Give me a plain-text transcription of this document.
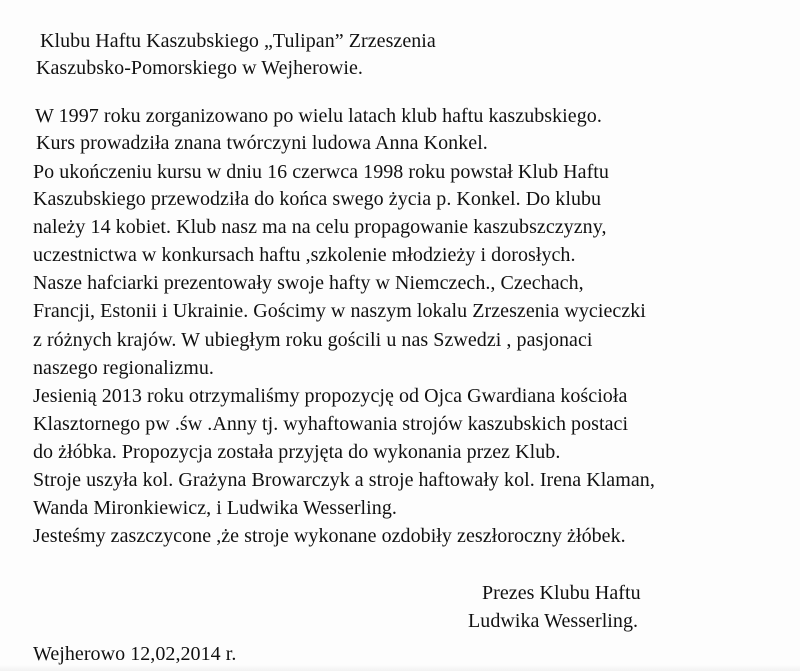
Klubu Haftu Kaszubskiego „Tulipan” Zrzeszenia
Kaszubsko-Pomorskiego w Wejherowie.
W 1997 roku zorganizowano po wielu latach klub haftu kaszubskiego.
Kurs prowadziła znana twórczyni ludowa Anna Konkel.
Po ukończeniu kursu w dniu 16 czerwca 1998 roku powstał Klub Haftu
Kaszubskiego przewodziła do końca swego życia p. Konkel. Do klubu
należy 14 kobiet. Klub nasz ma na celu propagowanie kaszubszczyzny,
uczestnictwa w konkursach haftu ,szkolenie młodzieży i dorosłych.
Nasze hafciarki prezentowały swoje hafty w Niemczech., Czechach,
Francji, Estonii i Ukrainie. Gościmy w naszym lokalu Zrzeszenia wycieczki
z różnych krajów. W ubiegłym roku gościli u nas Szwedzi , pasjonaci
naszego regionalizmu.
Jesienią 2013 roku otrzymaliśmy propozycję od Ojca Gwardiana kościoła
Klasztornego pw .św .Anny tj. wyhaftowania strojów kaszubskich postaci
do żłóbka. Propozycja została przyjęta do wykonania przez Klub.
Stroje uszyła kol. Grażyna Browarczyk a stroje haftowały kol. Irena Klaman,
Wanda Mironkiewicz, i Ludwika Wesserling.
Jesteśmy zaszczycone ,że stroje wykonane ozdobiły zeszłoroczny żłóbek.
Prezes Klubu Haftu
Ludwika Wesserling.
Wejherowo 12,02,2014 r.
